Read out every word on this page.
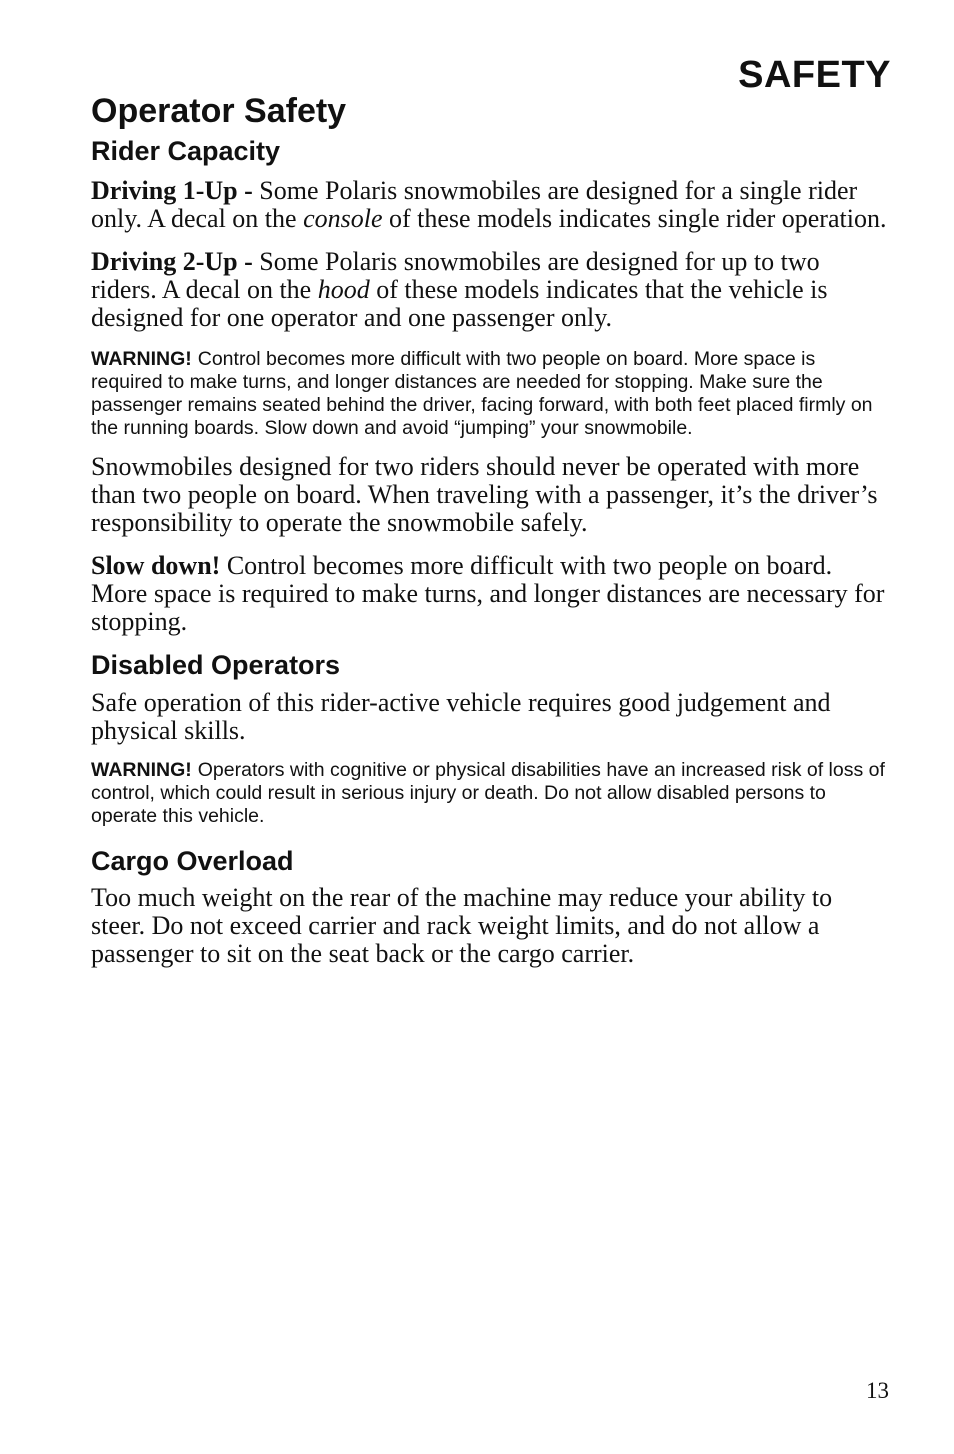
SAFETY
Operator Safety
Rider Capacity

Driving 1-Up - Some Polaris snowmobiles are designed for a single rider only. A decal on the console of these models indicates single rider operation.

Driving 2-Up - Some Polaris snowmobiles are designed for up to two riders. A decal on the hood of these models indicates that the vehicle is designed for one operator and one passenger only.

WARNING! Control becomes more difficult with two people on board. More space is required to make turns, and longer distances are needed for stopping. Make sure the passenger remains seated behind the driver, facing forward, with both feet placed firmly on the running boards. Slow down and avoid “jumping” your snowmobile.

Snowmobiles designed for two riders should never be operated with more than two people on board. When traveling with a passenger, it’s the driver’s responsibility to operate the snowmobile safely.

Slow down! Control becomes more difficult with two people on board. More space is required to make turns, and longer distances are necessary for stopping.

Disabled Operators

Safe operation of this rider-active vehicle requires good judgement and physical skills.

WARNING! Operators with cognitive or physical disabilities have an increased risk of loss of control, which could result in serious injury or death. Do not allow disabled persons to operate this vehicle.

Cargo Overload

Too much weight on the rear of the machine may reduce your ability to steer. Do not exceed carrier and rack weight limits, and do not allow a passenger to sit on the seat back or the cargo carrier.

13
